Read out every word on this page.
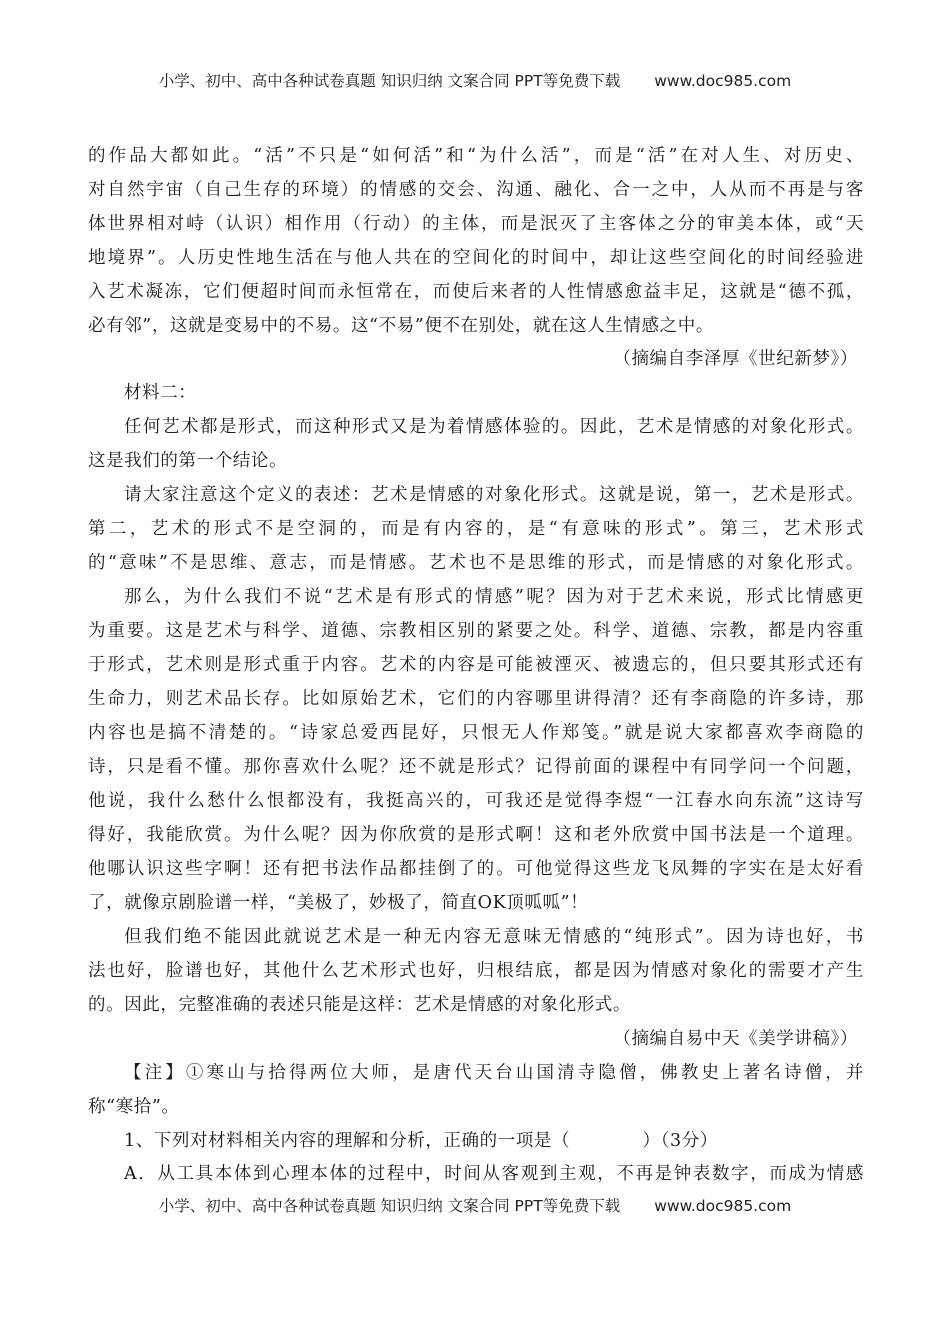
小学、初中、高中各种试卷真题 知识归纳 文案合同 PPT等免费下载 www.doc985.com
的作品大都如此。“活”不只是“如何活”和“为什么活”，而是“活”在对人生、对历史、
对自然宇宙（自己生存的环境）的情感的交会、沟通、融化、合一之中，人从而不再是与客
体世界相对峙（认识）相作用（行动）的主体，而是泯灭了主客体之分的审美本体，或“天
地境界”。人历史性地生活在与他人共在的空间化的时间中，却让这些空间化的时间经验进
入艺术凝冻，它们便超时间而永恒常在，而使后来者的人性情感愈益丰足，这就是“德不孤，
必有邻”，这就是变易中的不易。这“不易”便不在别处，就在这人生情感之中。
（摘编自李泽厚《世纪新梦》）
材料二：
任何艺术都是形式，而这种形式又是为着情感体验的。因此，艺术是情感的对象化形式。
这是我们的第一个结论。
请大家注意这个定义的表述：艺术是情感的对象化形式。这就是说，第一，艺术是形式。
第二，艺术的形式不是空洞的，而是有内容的，是“有意味的形式”。第三，艺术形式
的“意味”不是思维、意志，而是情感。艺术也不是思维的形式，而是情感的对象化形式。
那么，为什么我们不说“艺术是有形式的情感”呢？因为对于艺术来说，形式比情感更
为重要。这是艺术与科学、道德、宗教相区别的紧要之处。科学、道德、宗教，都是内容重
于形式，艺术则是形式重于内容。艺术的内容是可能被湮灭、被遗忘的，但只要其形式还有
生命力，则艺术品长存。比如原始艺术，它们的内容哪里讲得清？还有李商隐的许多诗，那
内容也是搞不清楚的。“诗家总爱西昆好，只恨无人作郑笺。”就是说大家都喜欢李商隐的
诗，只是看不懂。那你喜欢什么呢？还不就是形式？记得前面的课程中有同学问一个问题，
他说，我什么愁什么恨都没有，我挺高兴的，可我还是觉得李煜“一江春水向东流”这诗写
得好，我能欣赏。为什么呢？因为你欣赏的是形式啊！这和老外欣赏中国书法是一个道理。
他哪认识这些字啊！还有把书法作品都挂倒了的。可他觉得这些龙飞凤舞的字实在是太好看
了，就像京剧脸谱一样，“美极了，妙极了，简直OK顶呱呱”！
但我们绝不能因此就说艺术是一种无内容无意味无情感的“纯形式”。因为诗也好，书
法也好，脸谱也好，其他什么艺术形式也好，归根结底，都是因为情感对象化的需要才产生
的。因此，完整准确的表述只能是这样：艺术是情感的对象化形式。
（摘编自易中天《美学讲稿》）
【注】①寒山与拾得两位大师，是唐代天台山国清寺隐僧，佛教史上著名诗僧，并
称“寒拾”。
1、下列对材料相关内容的理解和分析，正确的一项是（　　　　）（3分）
A．从工具本体到心理本体的过程中，时间从客观到主观，不再是钟表数字，而成为情感
小学、初中、高中各种试卷真题 知识归纳 文案合同 PPT等免费下载 www.doc985.com
